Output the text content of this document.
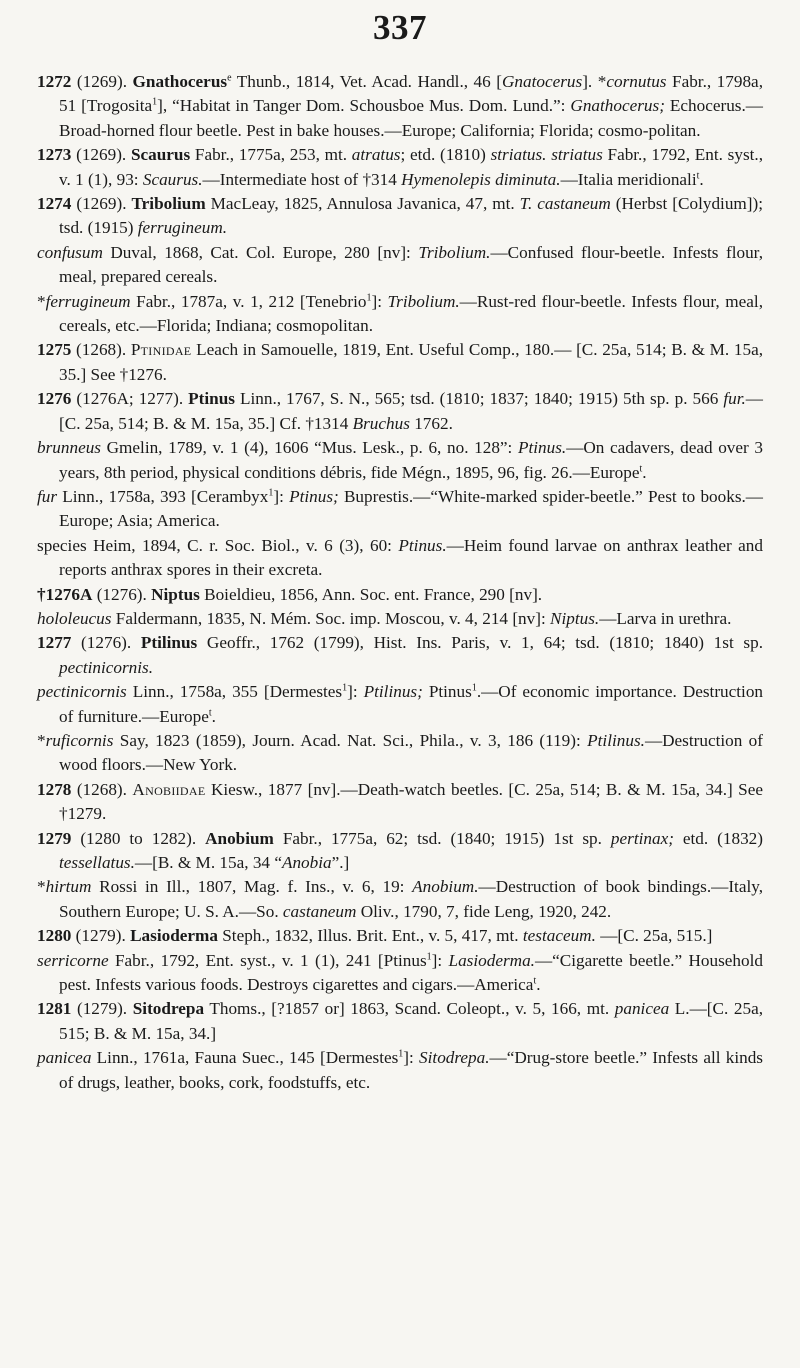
337

1272 (1269). Gnathocerus$^e$ Thunb., 1814, Vet. Acad. Handl., 46 [Gnatocerus]. *cornutus Fabr., 1798a, 51 [Trogosita$^1$], “Habitat in Tanger Dom. Schousboe Mus. Dom. Lund.”: Gnathocerus; Echocerus.—Broad-horned flour beetle. Pest in bake houses.—Europe; California; Florida; cosmo-politan.

1273 (1269). Scaurus Fabr., 1775a, 253, mt. atratus; etd. (1810) striatus. striatus Fabr., 1792, Ent. syst., v. 1 (1), 93: Scaurus.—Intermediate host of †314 Hymenolepis diminuta.—Italia meridionali$^t$.

1274 (1269). Tribolium MacLeay, 1825, Annulosa Javanica, 47, mt. T. castaneum (Herbst [Colydium]); tsd. (1915) ferrugineum.

confusum Duval, 1868, Cat. Col. Europe, 280 [nv]: Tribolium.—Confused flour-beetle. Infests flour, meal, prepared cereals.

*ferrugineum Fabr., 1787a, v. 1, 212 [Tenebrio$^1$]: Tribolium.—Rust-red flour-beetle. Infests flour, meal, cereals, etc.—Florida; Indiana; cosmopolitan.

1275 (1268). Ptinidae Leach in Samouelle, 1819, Ent. Useful Comp., 180.— [C. 25a, 514; B. & M. 15a, 35.] See †1276.

1276 (1276A; 1277). Ptinus Linn., 1767, S. N., 565; tsd. (1810; 1837; 1840; 1915) 5th sp. p. 566 fur.—[C. 25a, 514; B. & M. 15a, 35.] Cf. †1314 Bruchus 1762.

brunneus Gmelin, 1789, v. 1 (4), 1606 “Mus. Lesk., p. 6, no. 128”: Ptinus.—On cadavers, dead over 3 years, 8th period, physical conditions débris, fide Mégn., 1895, 96, fig. 26.—Europe$^t$.

fur Linn., 1758a, 393 [Cerambyx$^1$]: Ptinus; Buprestis.—“White-marked spider-beetle.” Pest to books.—Europe; Asia; America.

species Heim, 1894, C. r. Soc. Biol., v. 6 (3), 60: Ptinus.—Heim found larvae on anthrax leather and reports anthrax spores in their excreta.

†1276A (1276). Niptus Boieldieu, 1856, Ann. Soc. ent. France, 290 [nv].

hololeucus Faldermann, 1835, N. Mém. Soc. imp. Moscou, v. 4, 214 [nv]: Niptus.—Larva in urethra.

1277 (1276). Ptilinus Geoffr., 1762 (1799), Hist. Ins. Paris, v. 1, 64; tsd. (1810; 1840) 1st sp. pectinicornis.

pectinicornis Linn., 1758a, 355 [Dermestes$^1$]: Ptilinus; Ptinus$^1$.—Of economic importance. Destruction of furniture.—Europe$^t$.

*ruficornis Say, 1823 (1859), Journ. Acad. Nat. Sci., Phila., v. 3, 186 (119): Ptilinus.—Destruction of wood floors.—New York.

1278 (1268). Anobiidae Kiesw., 1877 [nv].—Death-watch beetles. [C. 25a, 514; B. & M. 15a, 34.] See †1279.

1279 (1280 to 1282). Anobium Fabr., 1775a, 62; tsd. (1840; 1915) 1st sp. pertinax; etd. (1832) tessellatus.—[B. & M. 15a, 34 “Anobia”.]

*hirtum Rossi in Ill., 1807, Mag. f. Ins., v. 6, 19: Anobium.—Destruction of book bindings.—Italy, Southern Europe; U. S. A.—So. castaneum Oliv., 1790, 7, fide Leng, 1920, 242.

1280 (1279). Lasioderma Steph., 1832, Illus. Brit. Ent., v. 5, 417, mt. testaceum. —[C. 25a, 515.]

serricorne Fabr., 1792, Ent. syst., v. 1 (1), 241 [Ptinus$^1$]: Lasioderma.—“Cigarette beetle.” Household pest. Infests various foods. Destroys cigarettes and cigars.—America$^t$.

1281 (1279). Sitodrepa Thoms., [?1857 or] 1863, Scand. Coleopt., v. 5, 166, mt. panicea L.—[C. 25a, 515; B. & M. 15a, 34.]

panicea Linn., 1761a, Fauna Suec., 145 [Dermestes$^1$]: Sitodrepa.—“Drug-store beetle.” Infests all kinds of drugs, leather, books, cork, foodstuffs, etc.
